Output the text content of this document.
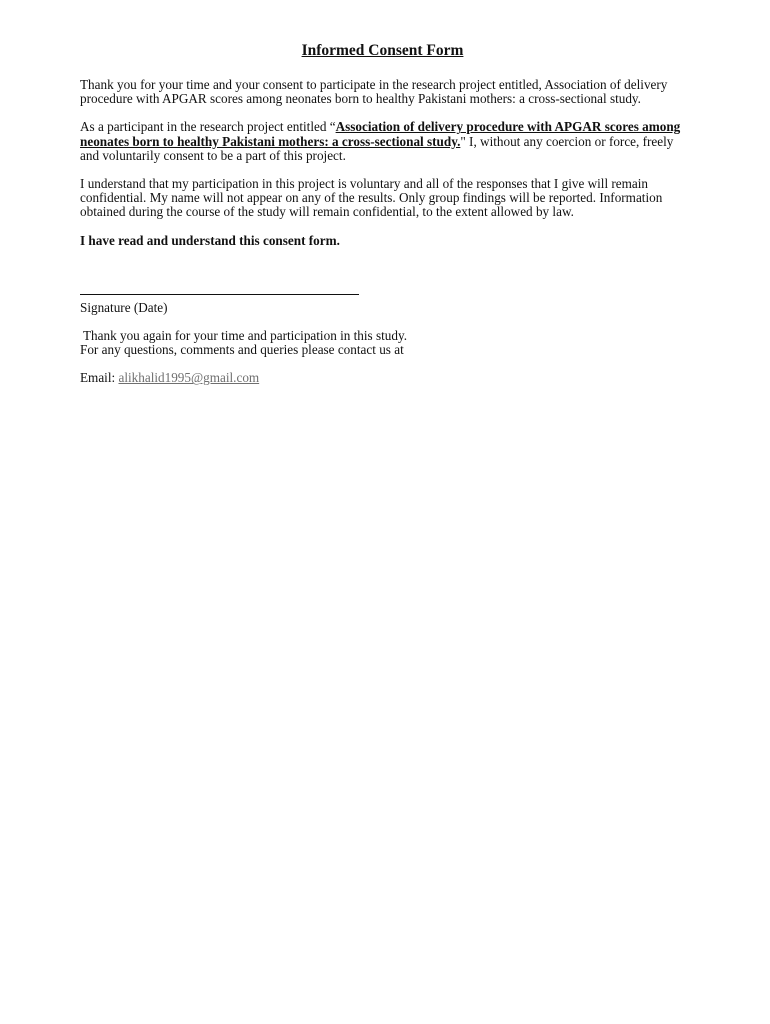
Informed Consent Form

Thank you for your time and your consent to participate in the research project entitled, Association of delivery procedure with APGAR scores among neonates born to healthy Pakistani mothers: a cross-sectional study.

As a participant in the research project entitled “Association of delivery procedure with APGAR scores among neonates born to healthy Pakistani mothers: a cross-sectional study." I, without any coercion or force, freely and voluntarily consent to be a part of this project.

I understand that my participation in this project is voluntary and all of the responses that I give will remain confidential. My name will not appear on any of the results. Only group findings will be reported. Information obtained during the course of the study will remain confidential, to the extent allowed by law.

I have read and understand this consent form.

Signature (Date)

Thank you again for your time and participation in this study.

For any questions, comments and queries please contact us at

Email: alikhalid1995@gmail.com
